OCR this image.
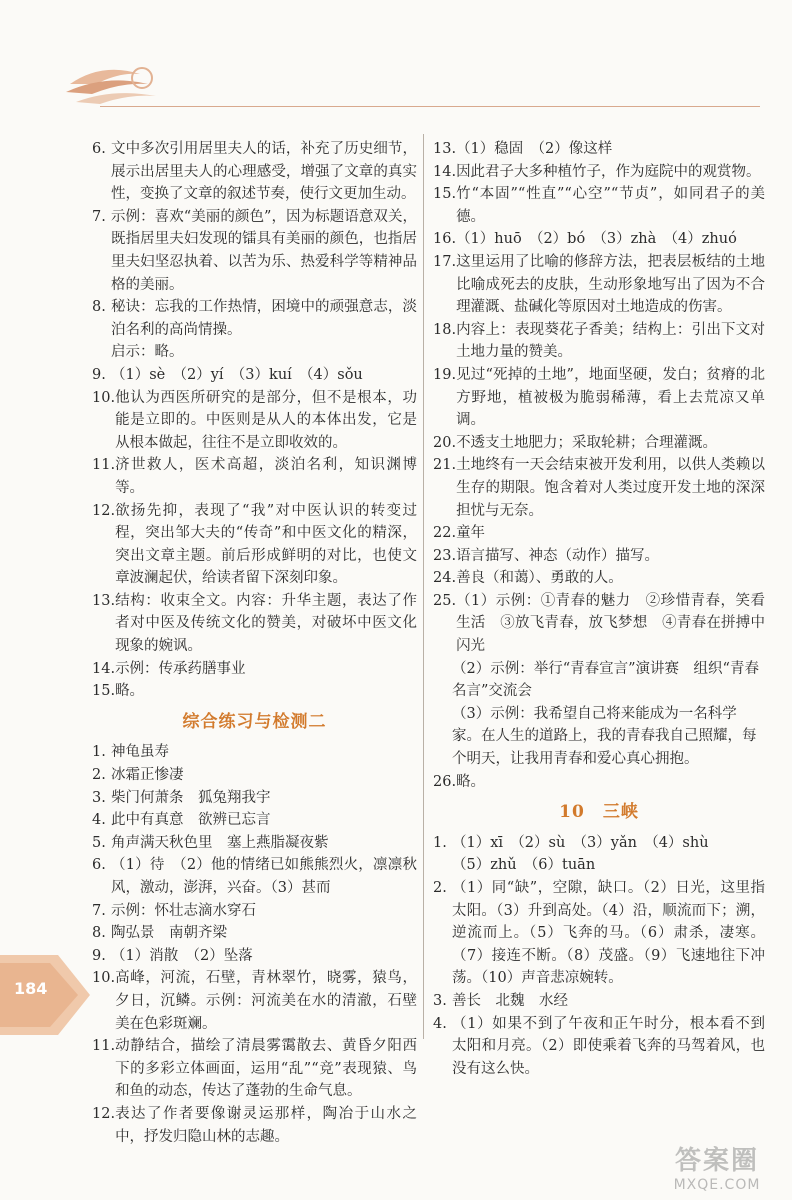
6. 文中多次引用居里夫人的话，补充了历史细节，展示出居里夫人的心理感受，增强了文章的真实性，变换了文章的叙述节奏，使行文更加生动。
7. 示例：喜欢“美丽的颜色”，因为标题语意双关，既指居里夫妇发现的镭具有美丽的颜色，也指居里夫妇坚忍执着、以苦为乐、热爱科学等精神品格的美丽。
8. 秘诀：忘我的工作热情，困境中的顽强意志，淡泊名利的高尚情操。
启示：略。
9. （1）sè　（2）yí　（3）kuí　（4）sǒu
10. 他认为西医所研究的是部分，但不是根本，功能是立即的。中医则是从人的本体出发，它是从根本做起，往往不是立即收效的。
11. 济世救人，医术高超，淡泊名利，知识渊博等。
12. 欲扬先抑，表现了“我”对中医认识的转变过程，突出邹大夫的“传奇”和中医文化的精深，突出文章主题。前后形成鲜明的对比，也使文章波澜起伏，给读者留下深刻印象。
13. 结构：收束全文。内容：升华主题，表达了作者对中医及传统文化的赞美，对破坏中医文化现象的婉讽。
14. 示例：传承药膳事业
15. 略。
综合练习与检测二
1. 神龟虽寿
2. 冰霜正惨凄
3. 柴门何萧条　狐兔翔我宇
4. 此中有真意　欲辨已忘言
5. 角声满天秋色里　塞上燕脂凝夜紫
6. （1）待　（2）他的情绪已如熊熊烈火，凛凛秋风，激动，澎湃，兴奋。（3）甚而
7. 示例：怀壮志滴水穿石
8. 陶弘景　南朝齐梁
9. （1）消散　（2）坠落
10. 高峰，河流，石壁，青林翠竹，晓雾，猿鸟，夕日，沉鳞。示例：河流美在水的清澈，石壁美在色彩斑斓。
11. 动静结合，描绘了清晨雾霭散去、黄昏夕阳西下的多彩立体画面，运用“乱”“竞”表现猿、鸟和鱼的动态，传达了蓬勃的生命气息。
12. 表达了作者要像谢灵运那样，陶冶于山水之中，抒发归隐山林的志趣。
13. （1）稳固　（2）像这样
14. 因此君子大多种植竹子，作为庭院中的观赏物。
15. 竹“本固”“性直”“心空”“节贞”，如同君子的美德。
16. （1）huō　（2）bó　（3）zhà　（4）zhuó
17. 这里运用了比喻的修辞方法，把表层板结的土地比喻成死去的皮肤，生动形象地写出了因为不合理灌溉、盐碱化等原因对土地造成的伤害。
18. 内容上：表现葵花子香美；结构上：引出下文对土地力量的赞美。
19. 见过“死掉的土地”，地面坚硬，发白；贫瘠的北方野地，植被极为脆弱稀薄，看上去荒凉又单调。
20. 不透支土地肥力；采取轮耕；合理灌溉。
21. 土地终有一天会结束被开发利用，以供人类赖以生存的期限。饱含着对人类过度开发土地的深深担忧与无奈。
22. 童年
23. 语言描写、神态（动作）描写。
24. 善良（和蔼）、勇敢的人。
25. （1）示例：①青春的魅力　②珍惜青春，笑看生活　③放飞青春，放飞梦想　④青春在拼搏中闪光
（2）示例：举行“青春宣言”演讲赛　组织“青春名言”交流会
（3）示例：我希望自己将来能成为一名科学家。在人生的道路上，我的青春我自己照耀，每个明天，让我用青春和爱心真心拥抱。
26. 略。
10　三峡
1. （1）xī　（2）sù　（3）yǎn　（4）shù
（5）zhǔ　（6）tuān
2. （1）同“缺”，空隙，缺口。（2）日光，这里指太阳。（3）升到高处。（4）沿，顺流而下；溯，逆流而上。（5）飞奔的马。（6）肃杀，凄寒。（7）接连不断。（8）茂盛。（9）飞速地往下冲荡。（10）声音悲凉婉转。
3. 善长　北魏　水经
4. （1）如果不到了午夜和正午时分，根本看不到太阳和月亮。（2）即使乘着飞奔的马驾着风，也没有这么快。
184
答案圈
MXQE.COM
